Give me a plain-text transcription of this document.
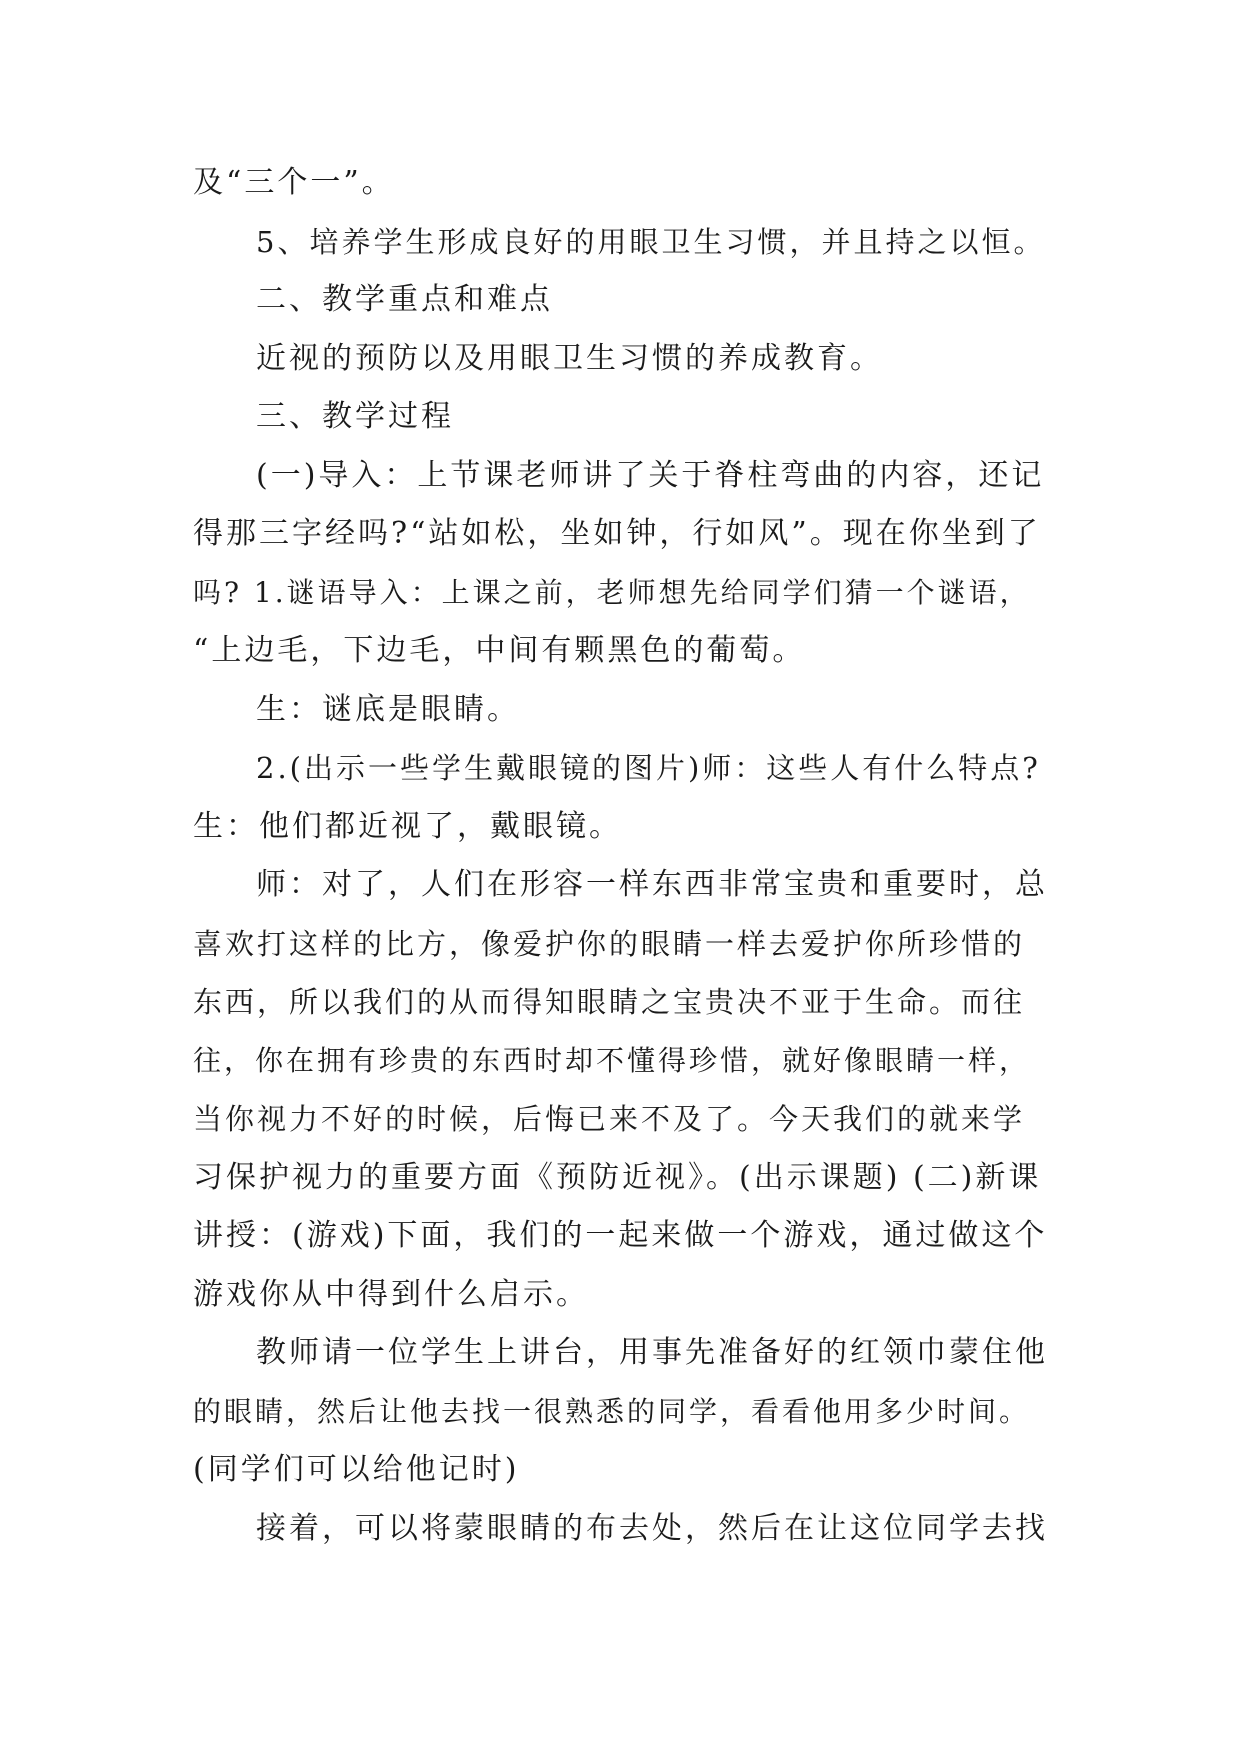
及“三个一”。
5、培养学生形成良好的用眼卫生习惯，并且持之以恒。
二、教学重点和难点
近视的预防以及用眼卫生习惯的养成教育。
三、教学过程
(一)导入：上节课老师讲了关于脊柱弯曲的内容，还记
得那三字经吗?“站如松，坐如钟，行如风”。现在你坐到了
吗? 1.谜语导入：上课之前，老师想先给同学们猜一个谜语，
“上边毛，下边毛，中间有颗黑色的葡萄。
生：谜底是眼睛。
2.(出示一些学生戴眼镜的图片)师：这些人有什么特点?
生：他们都近视了，戴眼镜。
师：对了，人们在形容一样东西非常宝贵和重要时，总
喜欢打这样的比方，像爱护你的眼睛一样去爱护你所珍惜的
东西，所以我们的从而得知眼睛之宝贵决不亚于生命。而往
往，你在拥有珍贵的东西时却不懂得珍惜，就好像眼睛一样，
当你视力不好的时候，后悔已来不及了。今天我们的就来学
习保护视力的重要方面《预防近视》。(出示课题) (二)新课
讲授：(游戏)下面，我们的一起来做一个游戏，通过做这个
游戏你从中得到什么启示。
教师请一位学生上讲台，用事先准备好的红领巾蒙住他
的眼睛，然后让他去找一很熟悉的同学，看看他用多少时间。
(同学们可以给他记时)
接着，可以将蒙眼睛的布去处，然后在让这位同学去找
